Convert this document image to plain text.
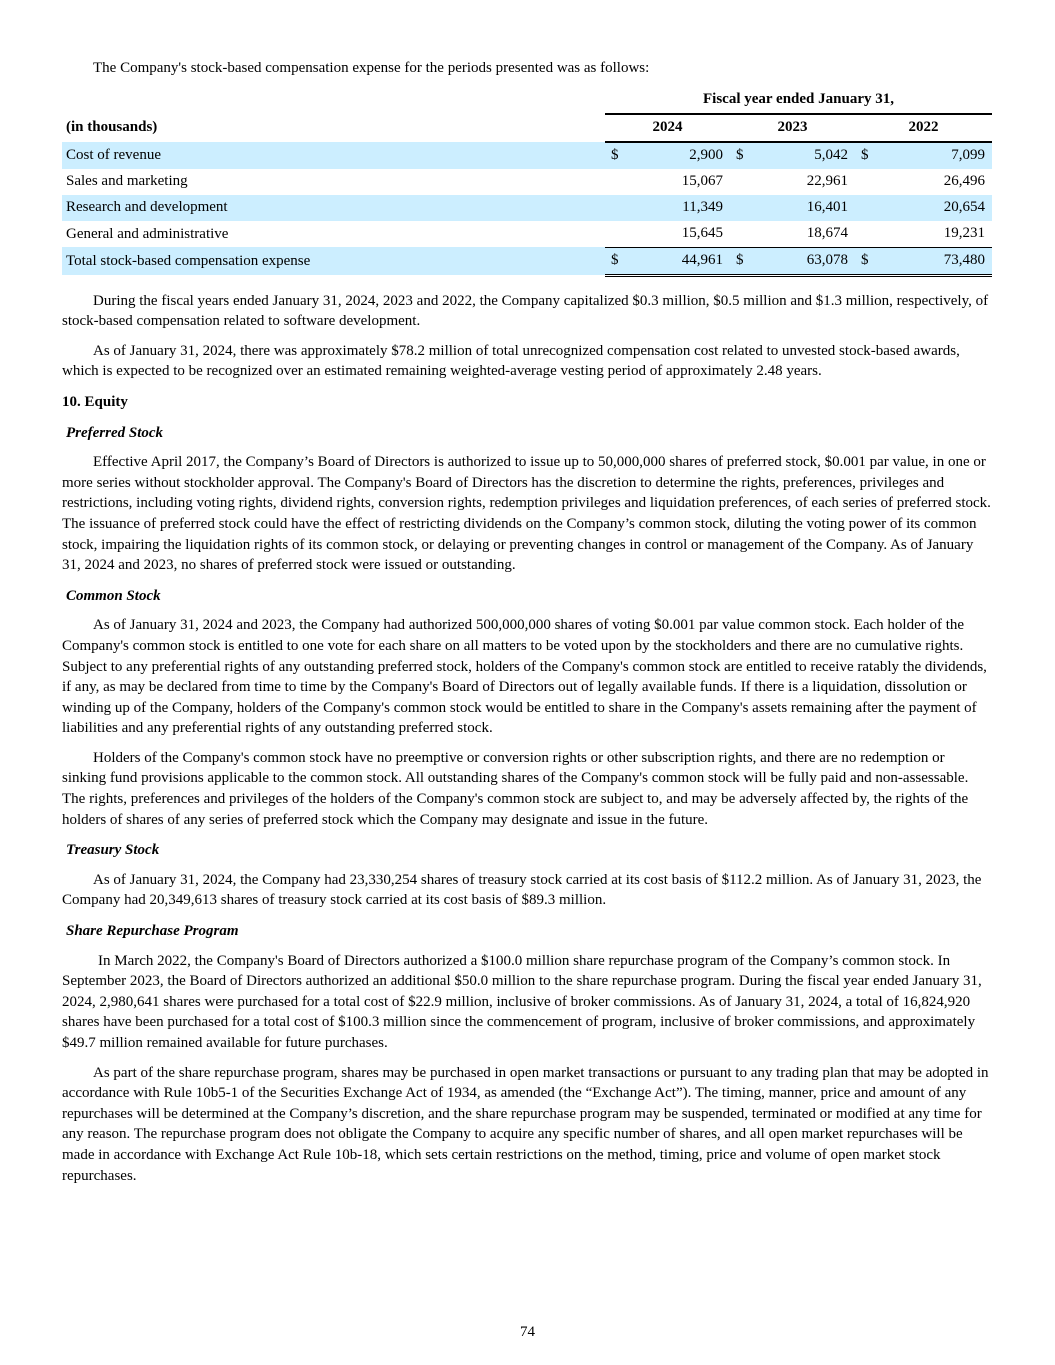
The Company's stock-based compensation expense for the periods presented was as follows:

	Fiscal year ended January 31,					
(in thousands)	2024		2023		2022	
Cost of revenue	$	2,900	$	5,042	$	7,099
Sales and marketing		15,067		22,961		26,496
Research and development		11,349		16,401		20,654
General and administrative		15,645		18,674		19,231
Total stock-based compensation expense	$	44,961	$	63,078	$	73,480

During the fiscal years ended January 31, 2024, 2023 and 2022, the Company capitalized $0.3 million, $0.5 million and $1.3 million, respectively, of stock-based compensation related to software development.

As of January 31, 2024, there was approximately $78.2 million of total unrecognized compensation cost related to unvested stock-based awards, which is expected to be recognized over an estimated remaining weighted-average vesting period of approximately 2.48 years.

10. Equity

Preferred Stock

Effective April 2017, the Company’s Board of Directors is authorized to issue up to 50,000,000 shares of preferred stock, $0.001 par value, in one or more series without stockholder approval. The Company's Board of Directors has the discretion to determine the rights, preferences, privileges and restrictions, including voting rights, dividend rights, conversion rights, redemption privileges and liquidation preferences, of each series of preferred stock. The issuance of preferred stock could have the effect of restricting dividends on the Company’s common stock, diluting the voting power of its common stock, impairing the liquidation rights of its common stock, or delaying or preventing changes in control or management of the Company. As of January 31, 2024 and 2023, no shares of preferred stock were issued or outstanding.

Common Stock

As of January 31, 2024 and 2023, the Company had authorized 500,000,000 shares of voting $0.001 par value common stock. Each holder of the Company's common stock is entitled to one vote for each share on all matters to be voted upon by the stockholders and there are no cumulative rights. Subject to any preferential rights of any outstanding preferred stock, holders of the Company's common stock are entitled to receive ratably the dividends, if any, as may be declared from time to time by the Company's Board of Directors out of legally available funds. If there is a liquidation, dissolution or winding up of the Company, holders of the Company's common stock would be entitled to share in the Company's assets remaining after the payment of liabilities and any preferential rights of any outstanding preferred stock.

Holders of the Company's common stock have no preemptive or conversion rights or other subscription rights, and there are no redemption or sinking fund provisions applicable to the common stock. All outstanding shares of the Company's common stock will be fully paid and non-assessable. The rights, preferences and privileges of the holders of the Company's common stock are subject to, and may be adversely affected by, the rights of the holders of shares of any series of preferred stock which the Company may designate and issue in the future.

Treasury Stock

As of January 31, 2024, the Company had 23,330,254 shares of treasury stock carried at its cost basis of $112.2 million. As of January 31, 2023, the Company had 20,349,613 shares of treasury stock carried at its cost basis of $89.3 million.

Share Repurchase Program

In March 2022, the Company's Board of Directors authorized a $100.0 million share repurchase program of the Company’s common stock. In September 2023, the Board of Directors authorized an additional $50.0 million to the share repurchase program. During the fiscal year ended January 31, 2024, 2,980,641 shares were purchased for a total cost of $22.9 million, inclusive of broker commissions. As of January 31, 2024, a total of 16,824,920 shares have been purchased for a total cost of $100.3 million since the commencement of program, inclusive of broker commissions, and approximately $49.7 million remained available for future purchases.

As part of the share repurchase program, shares may be purchased in open market transactions or pursuant to any trading plan that may be adopted in accordance with Rule 10b5-1 of the Securities Exchange Act of 1934, as amended (the “Exchange Act”). The timing, manner, price and amount of any repurchases will be determined at the Company’s discretion, and the share repurchase program may be suspended, terminated or modified at any time for any reason. The repurchase program does not obligate the Company to acquire any specific number of shares, and all open market repurchases will be made in accordance with Exchange Act Rule 10b-18, which sets certain restrictions on the method, timing, price and volume of open market stock repurchases.

74
